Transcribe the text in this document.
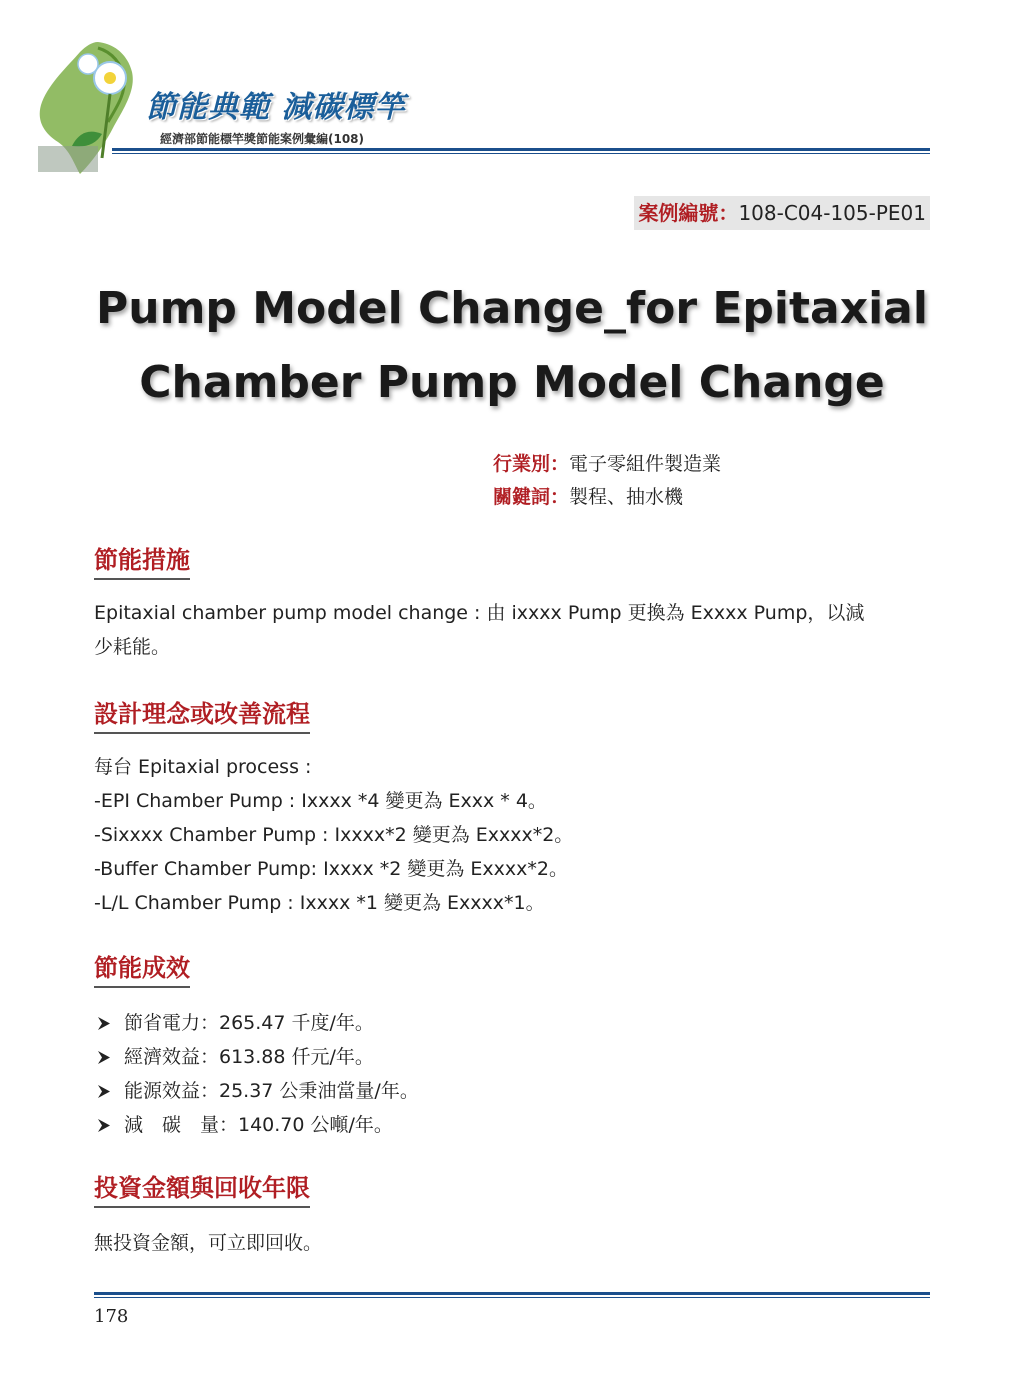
節能典範 減碳標竿
經濟部節能標竿獎節能案例彙編(108)
案例編號：108-C04-105-PE01
Pump Model Change_for Epitaxial
Chamber Pump Model Change
行業別：電子零組件製造業
關鍵詞：製程、抽水機
節能措施
Epitaxial chamber pump model change : 由 ixxxx Pump 更換為 Exxxx Pump，以減
少耗能。
設計理念或改善流程
每台 Epitaxial process :
-EPI Chamber Pump : Ixxxx *4 變更為 Exxx * 4。
-Sixxxx Chamber Pump : Ixxxx*2 變更為 Exxxx*2。
-Buffer Chamber Pump: Ixxxx *2 變更為 Exxxx*2。
-L/L Chamber Pump : Ixxxx *1 變更為 Exxxx*1。
節能成效
節省電力：265.47 千度/年。
經濟效益：613.88 仟元/年。
能源效益：25.37 公秉油當量/年。
減　碳　量：140.70 公噸/年。
投資金額與回收年限
無投資金額，可立即回收。
178
